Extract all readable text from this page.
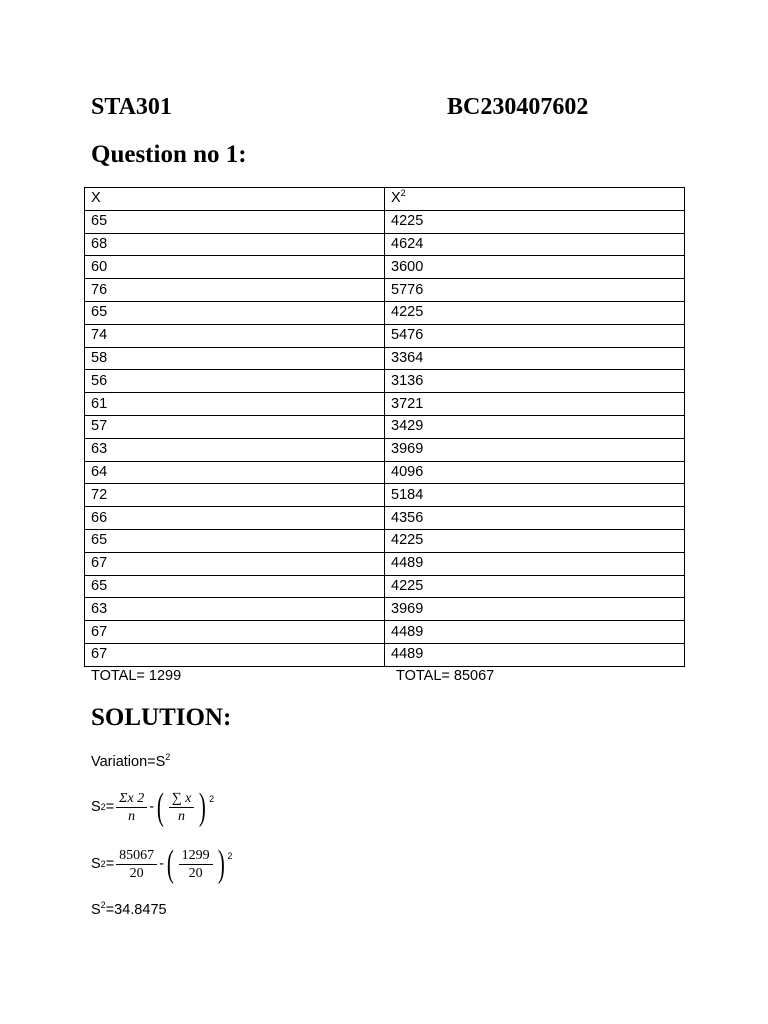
STA301	BC230407602
Question no 1:
X	$X^2$
65	4225
68	4624
60	3600
76	5776
65	4225
74	5476
58	3364
56	3136
61	3721
57	3429
63	3969
64	4096
72	5184
66	4356
65	4225
67	4489
65	4225
63	3969
67	4489
67	4489
TOTAL= 1299	TOTAL= 85067
SOLUTION:
$Variation=S^2$
S $2 = \frac{\Sigma x 2}{n}$ - ( $\frac{\sum x}{n}$ ) 2
S $2 = \frac{85067}{20}$ - ( $\frac{1299}{20}$ ) 2
$S^2=34.8475$
